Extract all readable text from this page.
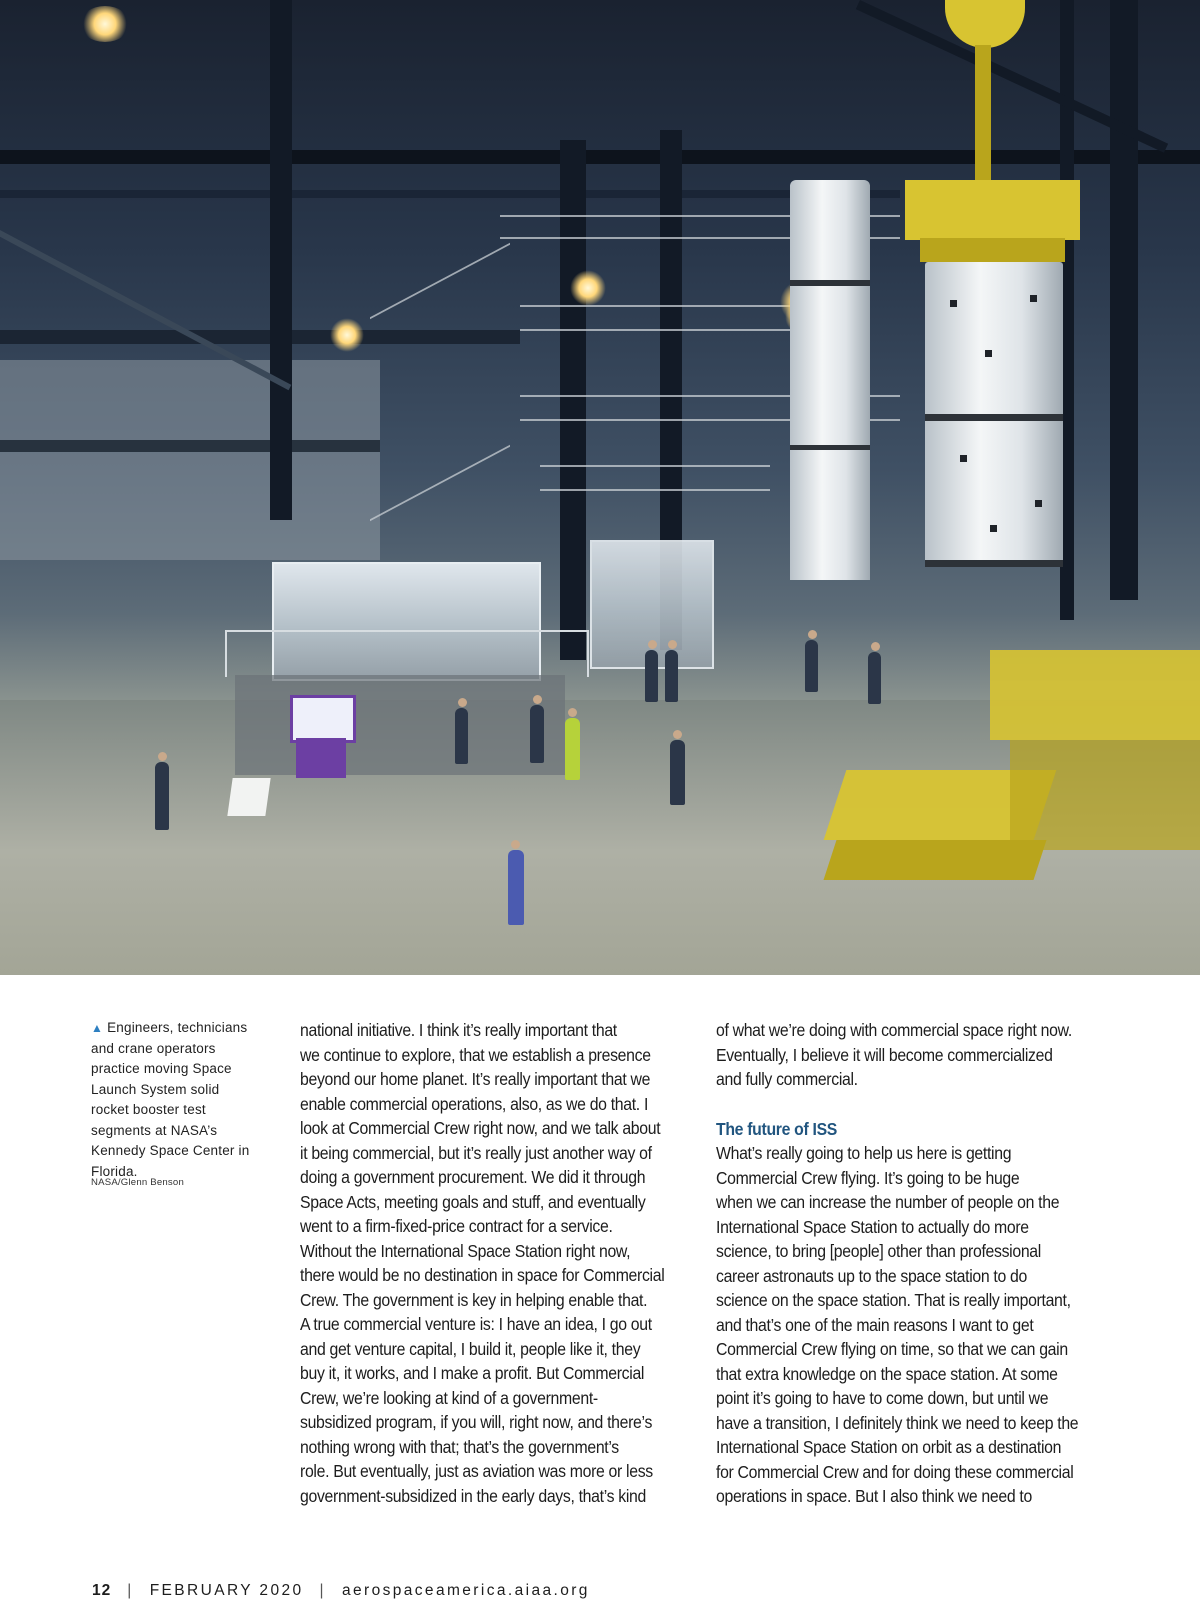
▲ Engineers, technicians
and crane operators
practice moving Space
Launch System solid
rocket booster test
segments at NASA’s
Kennedy Space Center in
Florida.
NASA/Glenn Benson
national initiative. I think it’s really important that
we continue to explore, that we establish a presence
beyond our home planet. It’s really important that we
enable commercial operations, also, as we do that. I
look at Commercial Crew right now, and we talk about
it being commercial, but it’s really just another way of
doing a government procurement. We did it through
Space Acts, meeting goals and stuff, and eventually
went to a firm-fixed-price contract for a service.
Without the International Space Station right now,
there would be no destination in space for Commercial
Crew. The government is key in helping enable that.
A true commercial venture is: I have an idea, I go out
and get venture capital, I build it, people like it, they
buy it, it works, and I make a profit. But Commercial
Crew, we’re looking at kind of a government-
subsidized program, if you will, right now, and there’s
nothing wrong with that; that’s the government’s
role. But eventually, just as aviation was more or less
government-subsidized in the early days, that’s kind
of what we’re doing with commercial space right now.
Eventually, I believe it will become commercialized
and fully commercial.
The future of ISS
What’s really going to help us here is getting
Commercial Crew flying. It’s going to be huge
when we can increase the number of people on the
International Space Station to actually do more
science, to bring [people] other than professional
career astronauts up to the space station to do
science on the space station. That is really important,
and that’s one of the main reasons I want to get
Commercial Crew flying on time, so that we can gain
that extra knowledge on the space station. At some
point it’s going to have to come down, but until we
have a transition, I definitely think we need to keep the
International Space Station on orbit as a destination
for Commercial Crew and for doing these commercial
operations in space. But I also think we need to
12 | FEBRUARY 2020 | aerospaceamerica.aiaa.org
